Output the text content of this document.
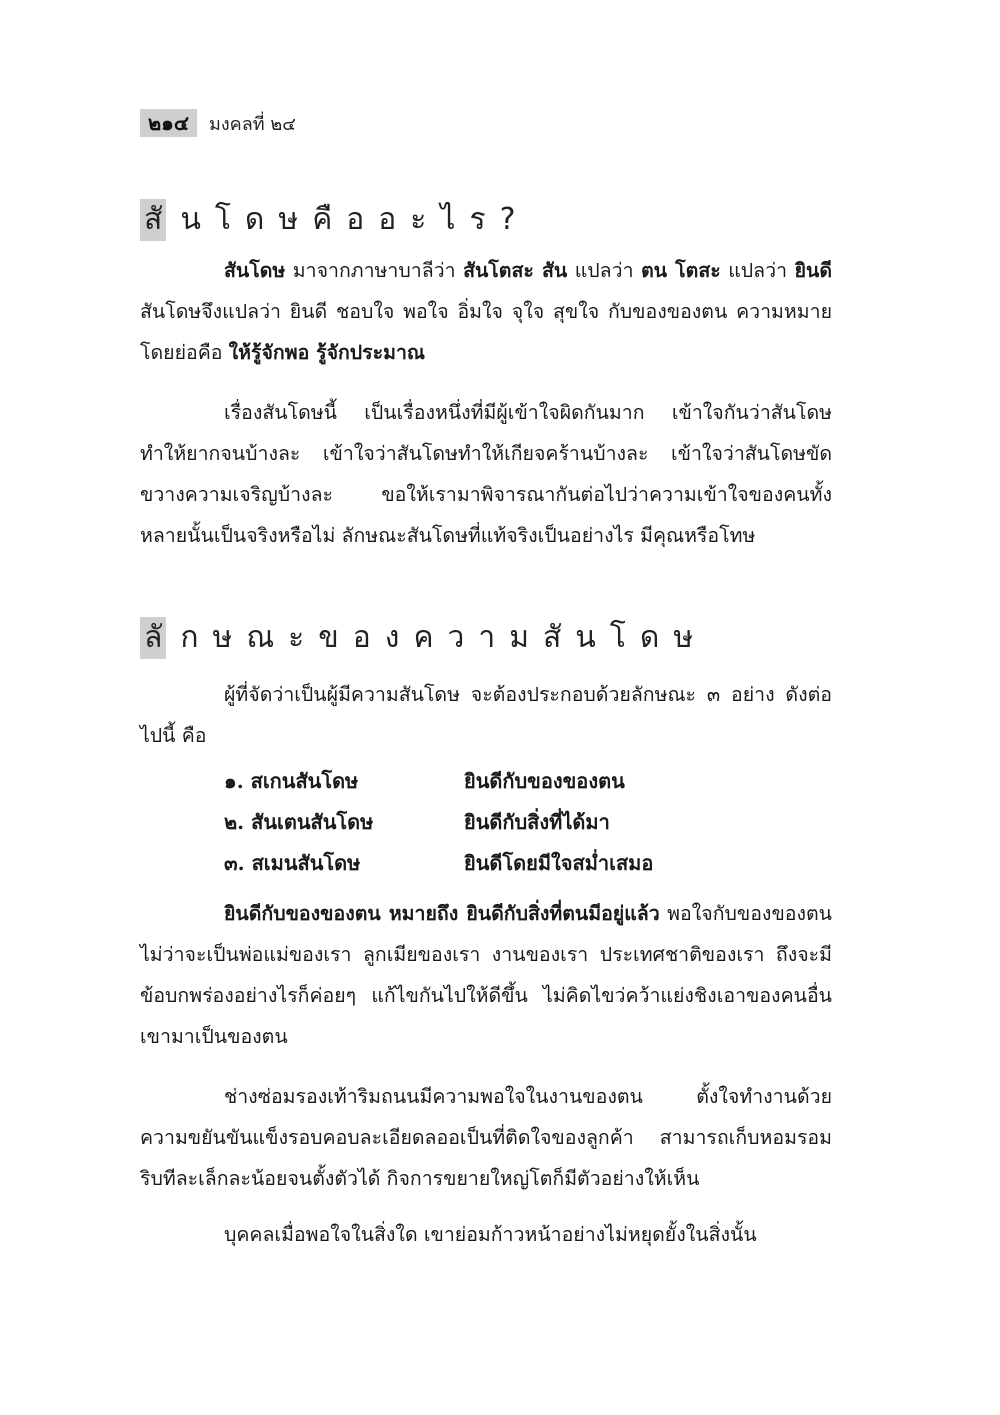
๒๑๔	มงคลที่ ๒๔
สั นโดษคืออะไร?
สันโดษ มาจากภาษาบาลีว่า สันโตสะ สัน แปลว่า ตน โตสะ แปลว่า ยินดี สันโดษจึงแปลว่า ยินดี ชอบใจ พอใจ อิ่มใจ จุใจ สุขใจ กับของของตน ความหมายโดยย่อคือ ให้รู้จักพอ รู้จักประมาณ
เรื่องสันโดษนี้ เป็นเรื่องหนึ่งที่มีผู้เข้าใจผิดกันมาก เข้าใจกันว่าสันโดษทำให้ยากจนบ้างละ เข้าใจว่าสันโดษทำให้เกียจคร้านบ้างละ เข้าใจว่าสันโดษขัดขวางความเจริญบ้างละ ขอให้เรามาพิจารณากันต่อไปว่าความเข้าใจของคนทั้งหลายนั้นเป็นจริงหรือไม่ ลักษณะสันโดษที่แท้จริงเป็นอย่างไร มีคุณหรือโทษ
ลั กษณะของความสันโดษ
ผู้ที่จัดว่าเป็นผู้มีความสันโดษ จะต้องประกอบด้วยลักษณะ ๓ อย่าง ดังต่อไปนี้ คือ
๑. สเกนสันโดษ	ยินดีกับของของตน
๒. สันเตนสันโดษ	ยินดีกับสิ่งที่ได้มา
๓. สเมนสันโดษ	ยินดีโดยมีใจสม่ำเสมอ
ยินดีกับของของตน หมายถึง ยินดีกับสิ่งที่ตนมีอยู่แล้ว พอใจกับของของตนไม่ว่าจะเป็นพ่อแม่ของเรา ลูกเมียของเรา งานของเรา ประเทศชาติของเรา ถึงจะมีข้อบกพร่องอย่างไรก็ค่อยๆ แก้ไขกันไปให้ดีขึ้น ไม่คิดไขว่คว้าแย่งชิงเอาของคนอื่นเขามาเป็นของตน
ช่างซ่อมรองเท้าริมถนนมีความพอใจในงานของตน ตั้งใจทำงานด้วยความขยันขันแข็งรอบคอบละเอียดลออเป็นที่ติดใจของลูกค้า สามารถเก็บหอมรอมริบทีละเล็กละน้อยจนตั้งตัวได้ กิจการขยายใหญ่โตก็มีตัวอย่างให้เห็น
บุคคลเมื่อพอใจในสิ่งใด เขาย่อมก้าวหน้าอย่างไม่หยุดยั้งในสิ่งนั้น
